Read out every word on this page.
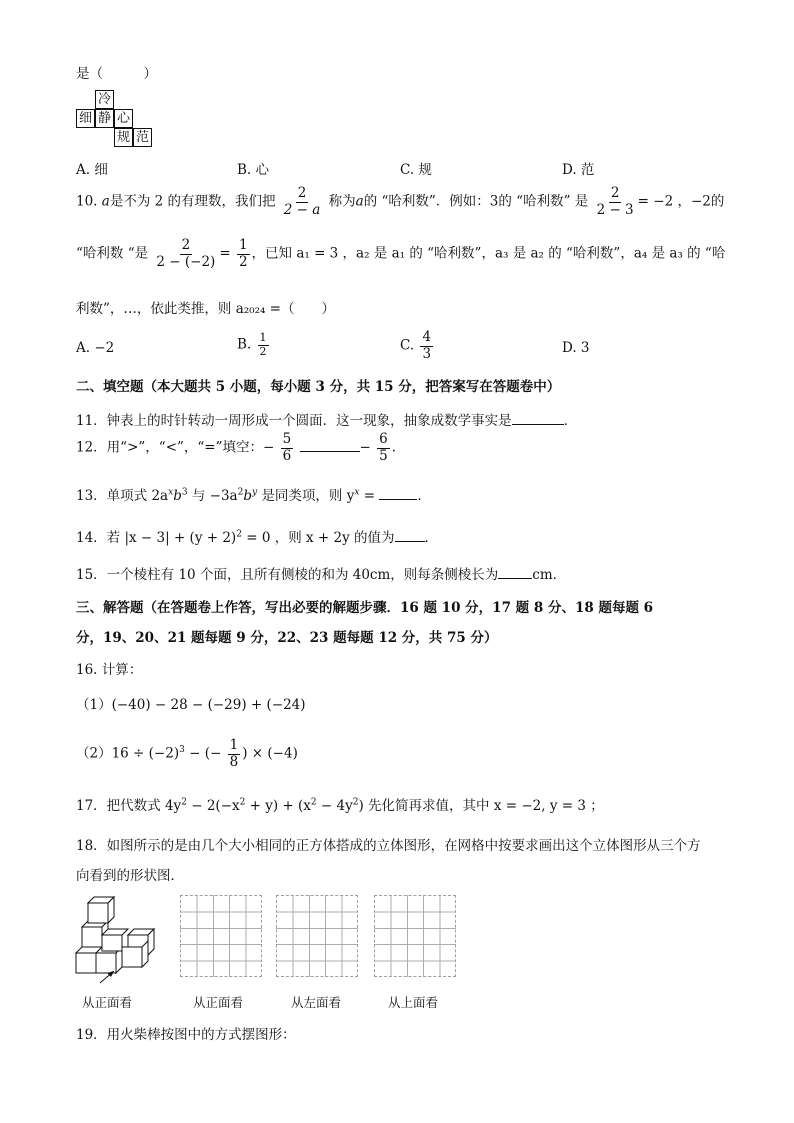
是（　　　）
冷
细 静 心
规 范
A. 细	B. 心	C. 规	D. 范
10. a是不为 2 的有理数，我们把 $\frac{2}{2 - a}$ 称为a的 “哈利数”．例如：3的 “哈利数” 是 $\frac{2}{2 - 3} = -2$ ，−2的
“哈利数 “是 $\frac{2}{2 - (-2)} = \frac{1}{2}$ ，已知 a₁ = 3 ，a₂ 是 a₁ 的 “哈利数”，a₃ 是 a₂ 的 “哈利数”，a₄ 是 a₃ 的 “哈
利数”，…，依此类推，则 a₂₀₂₄ =（　　）
A. −2	B. $\frac{1}{2}$	C. $\frac{4}{3}$	D. 3
二、填空题（本大题共 5 小题，每小题 3 分，共 15 分，把答案写在答题卷中）
11．钟表上的时针转动一周形成一个圆面．这一现象，抽象成数学事实是	．
12．用“>”，“<”，“=”填空：− $\frac{5}{6}$	− $\frac{6}{5}$ ．
13．单项式 $2a^xb^3$ 与 $-3a^2b^y$ 是同类项，则 $y^x$ =	．
14．若 $|x - 3| + (y + 2)^2 = 0$ ，则 x + 2y 的值为 ．
15．一个棱柱有 10 个面，且所有侧棱的和为 40cm，则每条侧棱长为	cm．
三、解答题（在答题卷上作答，写出必要的解题步骤．16 题 10 分，17 题 8 分、18 题每题 6
分，19、20、21 题每题 9 分，22、23 题每题 12 分，共 75 分）
16. 计算：
（1）(−40) − 28 − (−29) + (−24)
$(2)16 \div (-2)^3$ − (− $\frac{1}{8}$ ) × (−4)
17．把代数式 $4y^2 - 2(-x^2 + y) + (x^2 - 4y^2)$ 先化简再求值，其中 x = −2, y = 3 ；
18．如图所示的是由几个大小相同的正方体搭成的立体图形，在网格中按要求画出这个立体图形从三个方
向看到的形状图．
从正面看	从正面看	从左面看	从上面看
19．用火柴棒按图中的方式摆图形：
